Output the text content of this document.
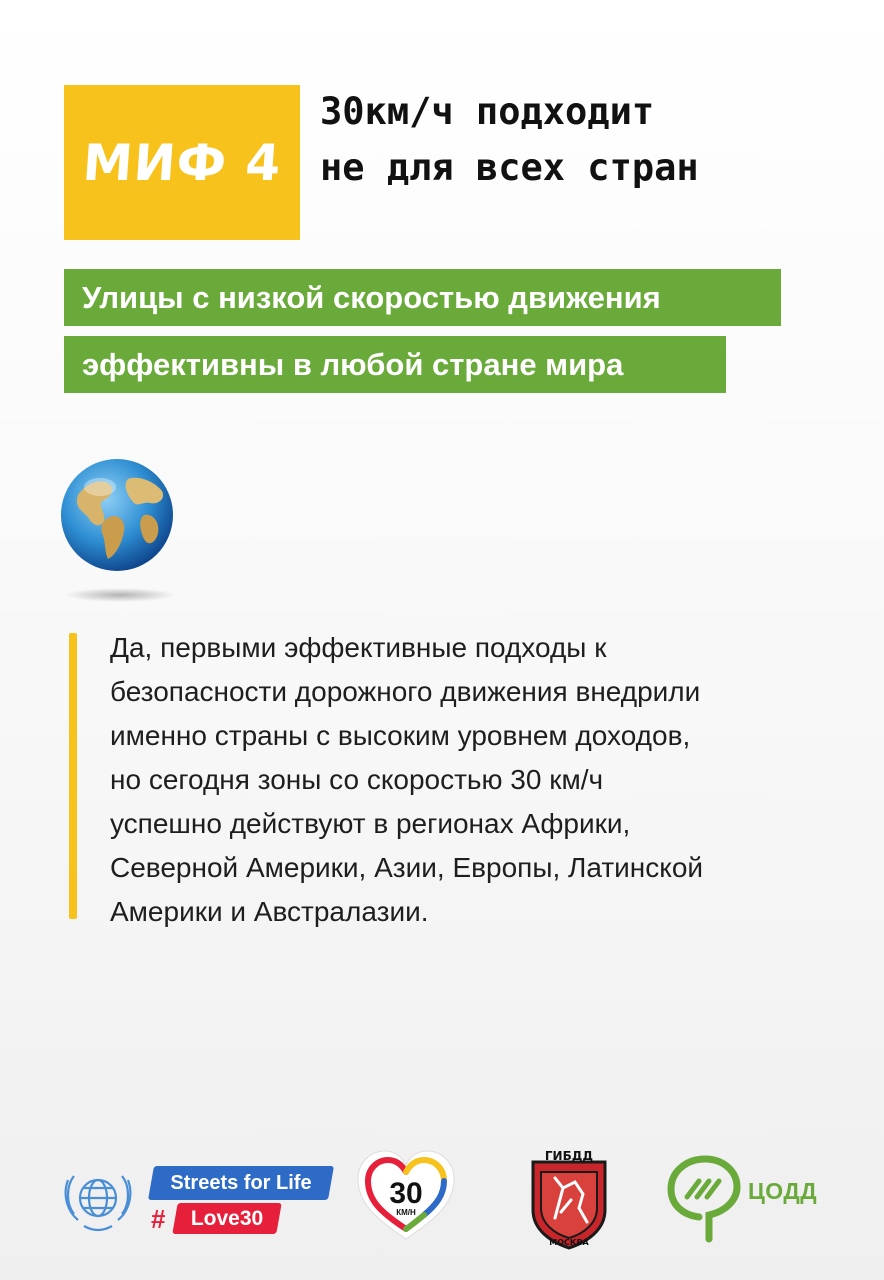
МИФ 4
30км/ч подходит
не для всех стран
Улицы с низкой скоростью движения
эффективны в любой стране мира
Да, первыми эффективные подходы к
безопасности дорожного движения внедрили
именно страны с высоким уровнем доходов,
но сегодня зоны со скоростью 30 км/ч
успешно действуют в регионах Африки,
Северной Америки, Азии, Европы, Латинской
Америки и Австралазии.
Streets for Life
#	Love30
30
КМ/Н
ГИБДД
МОСКВА
ЦОДД
